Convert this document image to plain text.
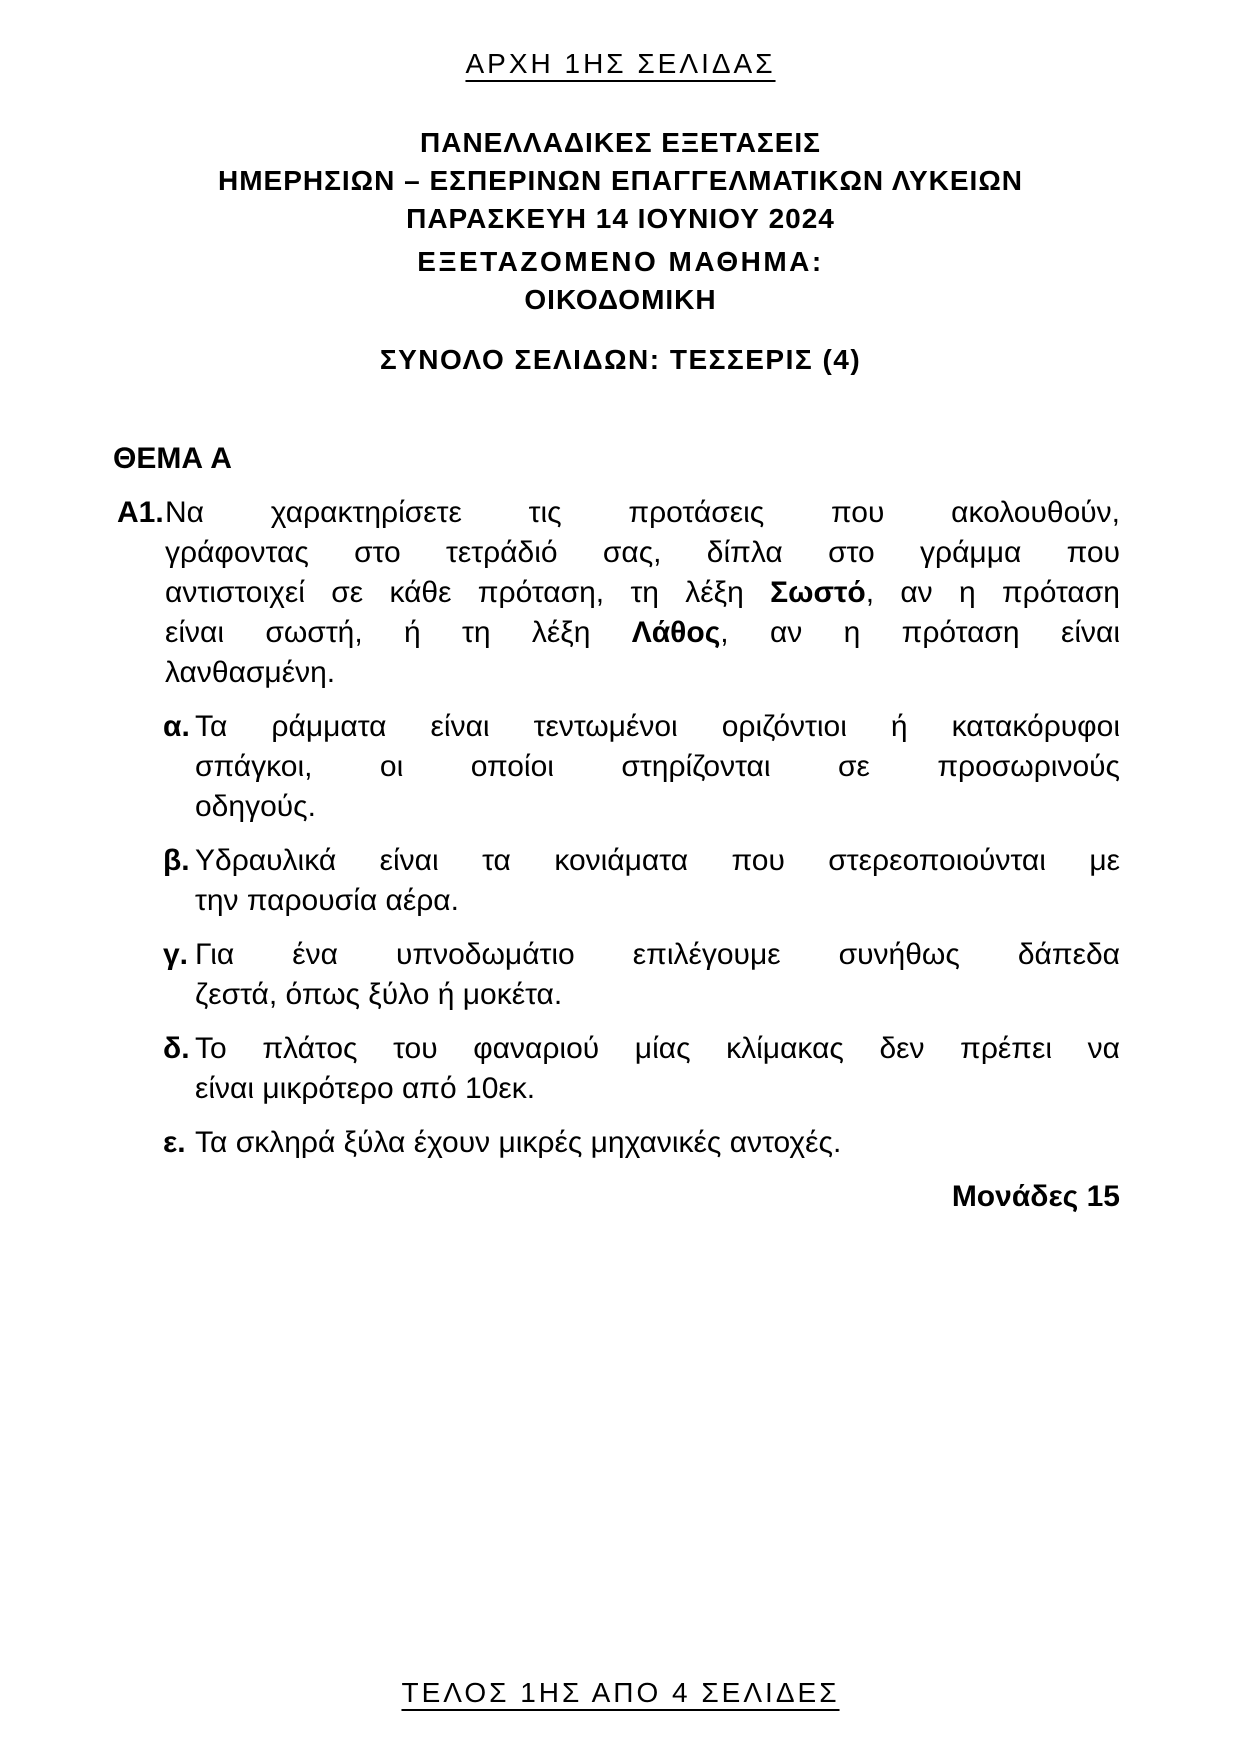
ΑΡΧΗ 1ΗΣ ΣΕΛΙΔΑΣ
ΠΑΝΕΛΛΑΔΙΚΕΣ ΕΞΕΤΑΣΕΙΣ
ΗΜΕΡΗΣΙΩΝ – ΕΣΠΕΡΙΝΩΝ ΕΠΑΓΓΕΛΜΑΤΙΚΩΝ ΛΥΚΕΙΩΝ
ΠΑΡΑΣΚΕΥΗ 14 ΙΟΥΝΙΟΥ 2024
ΕΞΕΤΑΖΟΜΕΝΟ ΜΑΘΗΜΑ:
ΟΙΚΟΔΟΜΙΚΗ
ΣΥΝΟΛΟ ΣΕΛΙΔΩΝ: ΤΕΣΣΕΡΙΣ (4)
ΘΕΜΑ Α
Α1. Να χαρακτηρίσετε τις προτάσεις που ακολουθούν,
γράφοντας στο τετράδιό σας, δίπλα στο γράμμα που
αντιστοιχεί σε κάθε πρόταση, τη λέξη Σωστό, αν η πρόταση
είναι σωστή, ή τη λέξη Λάθος, αν η πρόταση είναι
λανθασμένη.
α. Τα ράμματα είναι τεντωμένοι οριζόντιοι ή κατακόρυφοι
σπάγκοι, οι οποίοι στηρίζονται σε προσωρινούς
οδηγούς.
β. Υδραυλικά είναι τα κονιάματα που στερεοποιούνται με
την παρουσία αέρα.
γ. Για ένα υπνοδωμάτιο επιλέγουμε συνήθως δάπεδα
ζεστά, όπως ξύλο ή μοκέτα.
δ. Το πλάτος του φαναριού μίας κλίμακας δεν πρέπει να
είναι μικρότερο από 10εκ.
ε. Τα σκληρά ξύλα έχουν μικρές μηχανικές αντοχές.
Μονάδες 15
ΤΕΛΟΣ 1ΗΣ ΑΠΟ 4 ΣΕΛΙΔΕΣ
